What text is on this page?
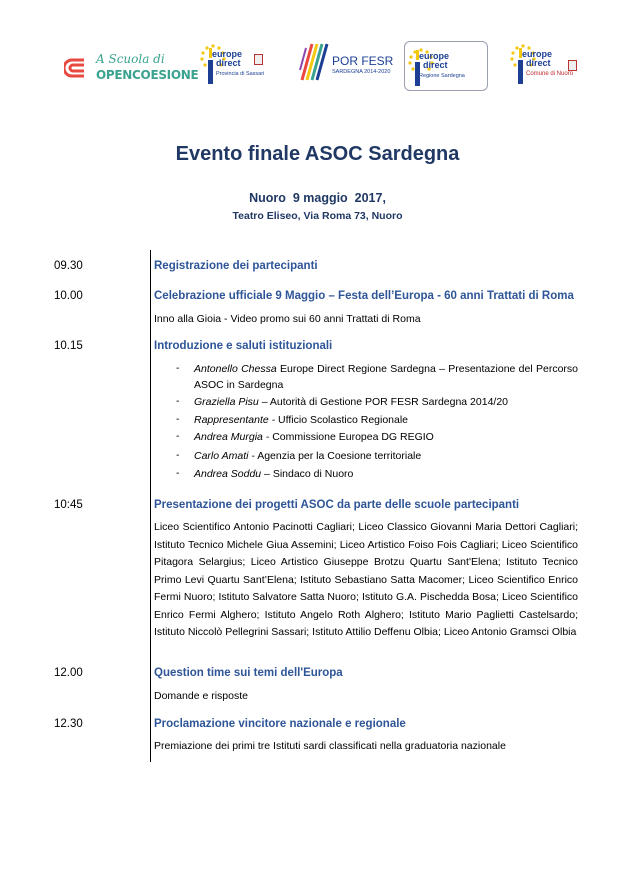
A Scuola di
OPENCOESIONE
europe
direct
Provincia di Sassari
POR FESR
SARDEGNA 2014-2020
europe
direct
Regione Sardegna
europe
direct
Comune di Nuoro
Evento finale ASOC Sardegna
Nuoro  9 maggio  2017,
Teatro Eliseo, Via Roma 73, Nuoro
09.30	Registrazione dei partecipanti
10.00	Celebrazione ufficiale 9 Maggio – Festa dell’Europa - 60 anni Trattati di Roma
Inno alla Gioia - Video promo sui 60 anni Trattati di Roma
10.15	Introduzione e saluti istituzionali
- Antonello Chessa Europe Direct Regione Sardegna – Presentazione del Percorso ASOC in Sardegna
- Graziella Pisu – Autorità di Gestione POR FESR Sardegna 2014/20
- Rappresentante - Ufficio Scolastico Regionale
- Andrea Murgia - Commissione Europea DG REGIO
- Carlo Amati - Agenzia per la Coesione territoriale
- Andrea Soddu – Sindaco di Nuoro
10:45	Presentazione dei progetti ASOC da parte delle scuole partecipanti
Liceo Scientifico Antonio Pacinotti Cagliari; Liceo Classico Giovanni Maria Dettori Cagliari; Istituto Tecnico Michele Giua Assemini; Liceo Artistico Foiso Fois Cagliari; Liceo Scientifico Pitagora Selargius; Liceo Artistico Giuseppe Brotzu Quartu Sant'Elena; Istituto Tecnico Primo Levi Quartu Sant’Elena; Istituto Sebastiano Satta Macomer; Liceo Scientifico Enrico Fermi Nuoro; Istituto Salvatore Satta Nuoro; Istituto G.A. Pischedda Bosa; Liceo Scientifico Enrico Fermi Alghero; Istituto Angelo Roth Alghero; Istituto Mario Paglietti Castelsardo; Istituto Niccolò Pellegrini Sassari; Istituto Attilio Deffenu Olbia; Liceo Antonio Gramsci Olbia
12.00	Question time sui temi dell'Europa
Domande e risposte
12.30	Proclamazione vincitore nazionale e regionale
Premiazione dei primi tre Istituti sardi classificati nella graduatoria nazionale
